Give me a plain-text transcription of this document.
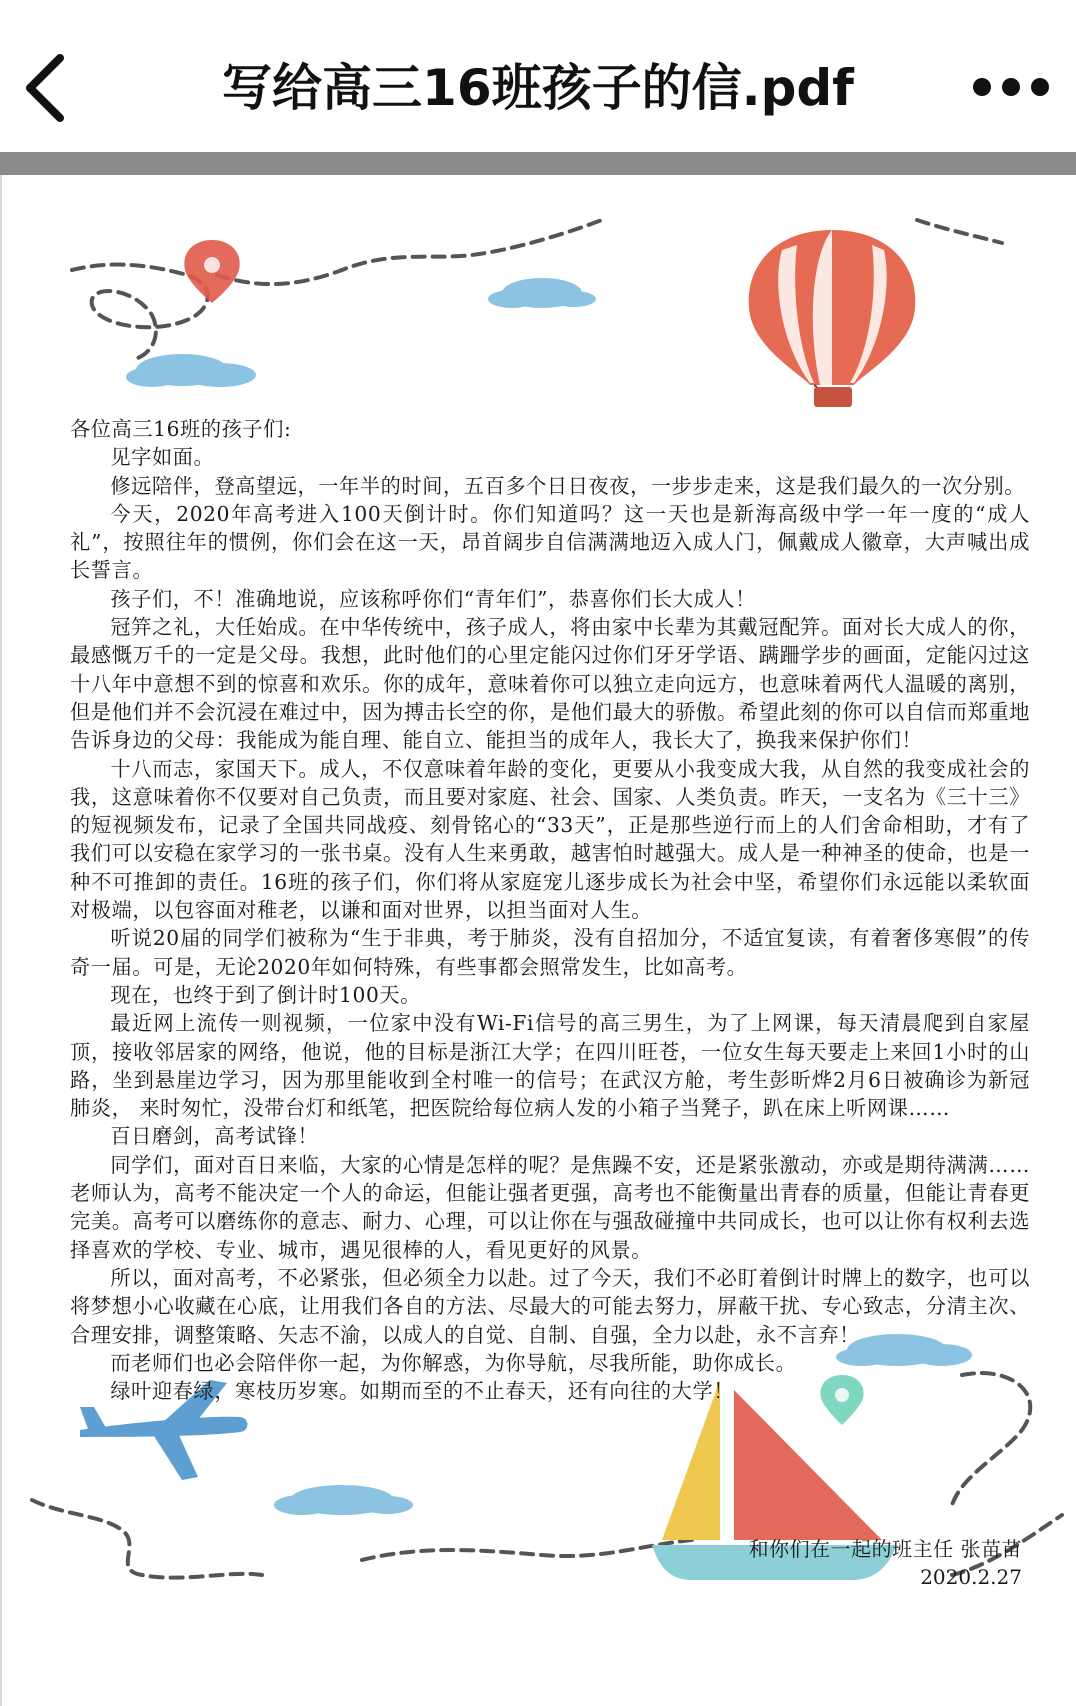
写给高三16班孩子的信.pdf

各位高三16班的孩子们:

见字如面。

修远陪伴，登高望远，一年半的时间，五百多个日日夜夜，一步步走来，这是我们最久的一次分别。

今天，2020年高考进入100天倒计时。你们知道吗？这一天也是新海高级中学一年一度的“成人礼”，按照往年的惯例，你们会在这一天，昂首阔步自信满满地迈入成人门，佩戴成人徽章，大声喊出成长誓言。

孩子们，不！准确地说，应该称呼你们“青年们”，恭喜你们长大成人！

冠笄之礼，大任始成。在中华传统中，孩子成人，将由家中长辈为其戴冠配笄。面对长大成人的你，最感慨万千的一定是父母。我想，此时他们的心里定能闪过你们牙牙学语、蹒跚学步的画面，定能闪过这十八年中意想不到的惊喜和欢乐。你的成年，意味着你可以独立走向远方，也意味着两代人温暖的离别，但是他们并不会沉浸在难过中，因为搏击长空的你，是他们最大的骄傲。希望此刻的你可以自信而郑重地告诉身边的父母：我能成为能自理、能自立、能担当的成年人，我长大了，换我来保护你们！

十八而志，家国天下。成人，不仅意味着年龄的变化，更要从小我变成大我，从自然的我变成社会的我，这意味着你不仅要对自己负责，而且要对家庭、社会、国家、人类负责。昨天，一支名为《三十三》的短视频发布，记录了全国共同战疫、刻骨铭心的“33天”，正是那些逆行而上的人们舍命相助，才有了我们可以安稳在家学习的一张书桌。没有人生来勇敢，越害怕时越强大。成人是一种神圣的使命，也是一种不可推卸的责任。16班的孩子们，你们将从家庭宠儿逐步成长为社会中坚，希望你们永远能以柔软面对极端，以包容面对稚老，以谦和面对世界，以担当面对人生。

听说20届的同学们被称为“生于非典，考于肺炎，没有自招加分，不适宜复读，有着奢侈寒假”的传奇一届。可是，无论2020年如何特殊，有些事都会照常发生，比如高考。

现在，也终于到了倒计时100天。

最近网上流传一则视频，一位家中没有Wi-Fi信号的高三男生，为了上网课，每天清晨爬到自家屋顶，接收邻居家的网络，他说，他的目标是浙江大学；在四川旺苍，一位女生每天要走上来回1小时的山路，坐到悬崖边学习，因为那里能收到全村唯一的信号；在武汉方舱，考生彭昕烨2月6日被确诊为新冠肺炎， 来时匆忙，没带台灯和纸笔，把医院给每位病人发的小箱子当凳子，趴在床上听网课……

百日磨剑，高考试锋！

同学们，面对百日来临，大家的心情是怎样的呢？是焦躁不安，还是紧张激动，亦或是期待满满……老师认为，高考不能决定一个人的命运，但能让强者更强，高考也不能衡量出青春的质量，但能让青春更完美。高考可以磨练你的意志、耐力、心理，可以让你在与强敌碰撞中共同成长，也可以让你有权利去选择喜欢的学校、专业、城市，遇见很棒的人，看见更好的风景。

所以，面对高考，不必紧张，但必须全力以赴。过了今天，我们不必盯着倒计时牌上的数字，也可以将梦想小心收藏在心底，让用我们各自的方法、尽最大的可能去努力，屏蔽干扰、专心致志，分清主次、合理安排，调整策略、矢志不渝，以成人的自觉、自制、自强，全力以赴，永不言弃！

而老师们也必会陪伴你一起，为你解惑，为你导航，尽我所能，助你成长。

绿叶迎春绿，寒枝历岁寒。如期而至的不止春天，还有向往的大学！

和你们在一起的班主任 张苗苗
2020.2.27
